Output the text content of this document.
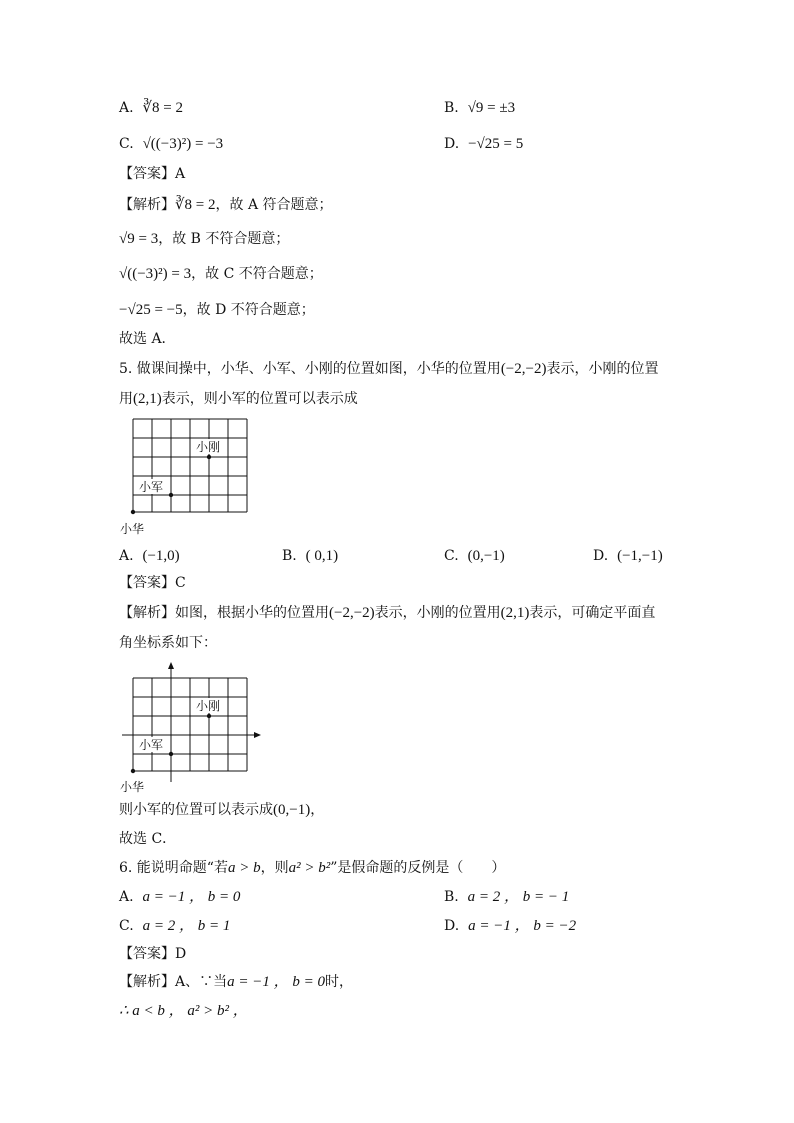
A. ∛8 = 2	B. √9 = ±3
C. √((−3)²) = −3	D. −√25 = 5
【答案】A
【解析】∛8 = 2，故 A 符合题意；
√9 = 3，故 B 不符合题意；
√((−3)²) = 3，故 C 不符合题意；
−√25 = −5，故 D 不符合题意；
故选 A．
5. 做课间操中，小华、小军、小刚的位置如图，小华的位置用(−2,−2)表示，小刚的位置
用(2,1)表示，则小军的位置可以表示成
小刚
小军
小华
A. (−1,0)	B. ( 0,1)	C. (0,−1)	D. (−1,−1)
【答案】C
【解析】如图，根据小华的位置用(−2,−2)表示，小刚的位置用(2,1)表示，可确定平面直
角坐标系如下：
小刚
小军
小华
则小军的位置可以表示成(0,−1)，
故选 C．
6. 能说明命题“若a > b，则a² > b²”是假命题的反例是（　　）
A. a = −1 ， b = 0	B. a = 2 ， b = − 1
C. a = 2 ， b = 1	D. a = −1 ， b = −2
【答案】D
【解析】A、∵当a = −1 ， b = 0时，
∴ a < b ， a² > b² ，
